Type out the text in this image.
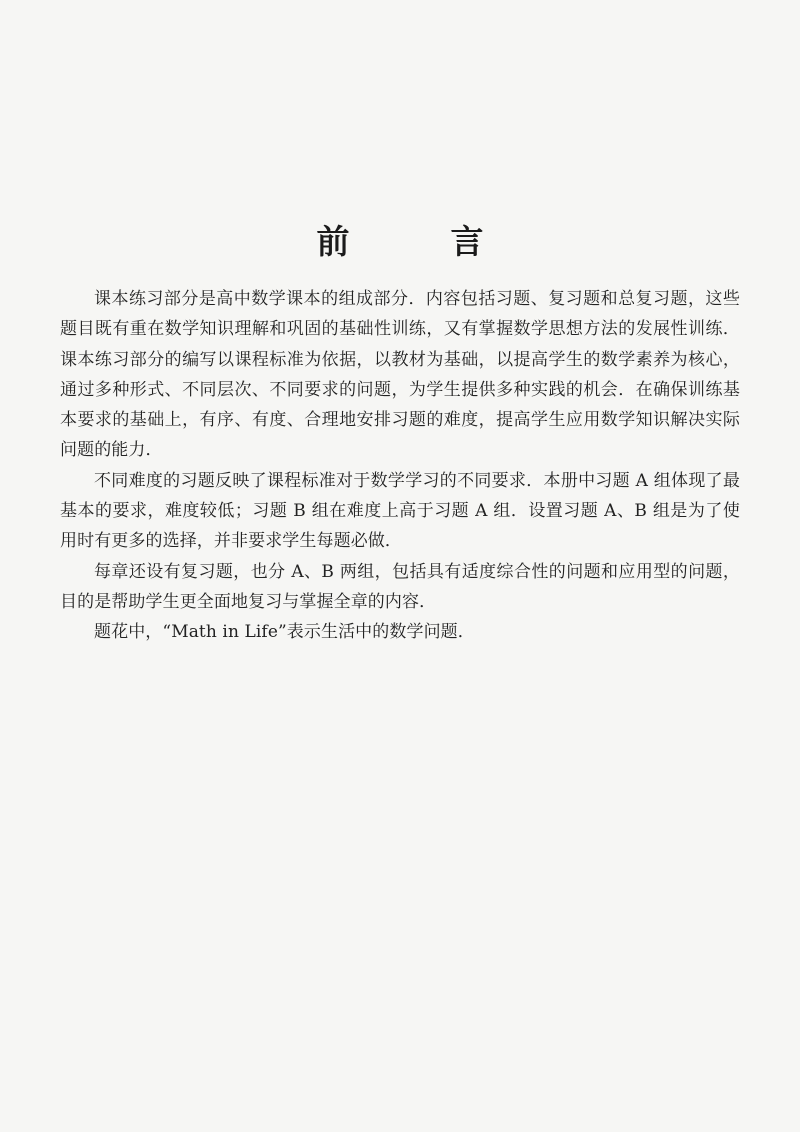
前　言

课本练习部分是高中数学课本的组成部分．内容包括习题、复习题和总复习题，这些题目既有重在数学知识理解和巩固的基础性训练，又有掌握数学思想方法的发展性训练．课本练习部分的编写以课程标准为依据，以教材为基础，以提高学生的数学素养为核心，通过多种形式、不同层次、不同要求的问题，为学生提供多种实践的机会．在确保训练基本要求的基础上，有序、有度、合理地安排习题的难度，提高学生应用数学知识解决实际问题的能力．

不同难度的习题反映了课程标准对于数学学习的不同要求．本册中习题 A 组体现了最基本的要求，难度较低；习题 B 组在难度上高于习题 A 组．设置习题 A、B 组是为了使用时有更多的选择，并非要求学生每题必做．

每章还设有复习题，也分 A、B 两组，包括具有适度综合性的问题和应用型的问题，目的是帮助学生更全面地复习与掌握全章的内容．

题花中，“Math in Life”表示生活中的数学问题．
